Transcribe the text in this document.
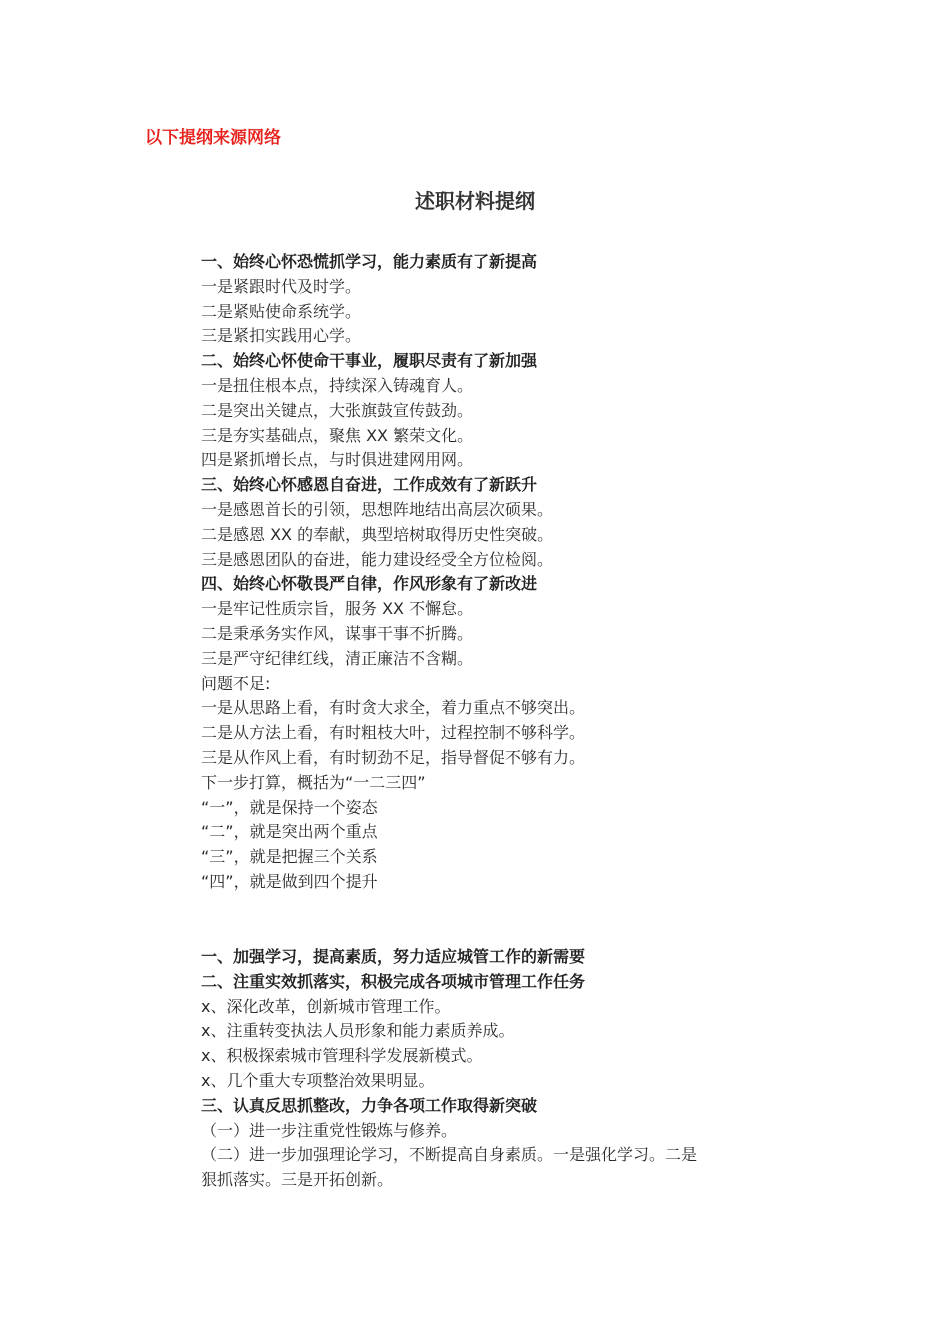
以下提纲来源网络
述职材料提纲
一、始终心怀恐慌抓学习，能力素质有了新提高
一是紧跟时代及时学。
二是紧贴使命系统学。
三是紧扣实践用心学。
二、始终心怀使命干事业，履职尽责有了新加强
一是扭住根本点，持续深入铸魂育人。
二是突出关键点，大张旗鼓宣传鼓劲。
三是夯实基础点，聚焦 XX 繁荣文化。
四是紧抓增长点，与时俱进建网用网。
三、始终心怀感恩自奋进，工作成效有了新跃升
一是感恩首长的引领，思想阵地结出高层次硕果。
二是感恩 XX 的奉献，典型培树取得历史性突破。
三是感恩团队的奋进，能力建设经受全方位检阅。
四、始终心怀敬畏严自律，作风形象有了新改进
一是牢记性质宗旨，服务 XX 不懈怠。
二是秉承务实作风，谋事干事不折腾。
三是严守纪律红线，清正廉洁不含糊。
问题不足:
一是从思路上看，有时贪大求全，着力重点不够突出。
二是从方法上看，有时粗枝大叶，过程控制不够科学。
三是从作风上看，有时韧劲不足，指导督促不够有力。
下一步打算，概括为“一二三四”
“一”，就是保持一个姿态
“二”，就是突出两个重点
“三”，就是把握三个关系
“四”，就是做到四个提升
一、加强学习，提高素质，努力适应城管工作的新需要
二、注重实效抓落实，积极完成各项城市管理工作任务
x、深化改革，创新城市管理工作。
x、注重转变执法人员形象和能力素质养成。
x、积极探索城市管理科学发展新模式。
x、几个重大专项整治效果明显。
三、认真反思抓整改，力争各项工作取得新突破
（一）进一步注重党性锻炼与修养。
（二）进一步加强理论学习，不断提高自身素质。一是强化学习。二是
狠抓落实。三是开拓创新。
